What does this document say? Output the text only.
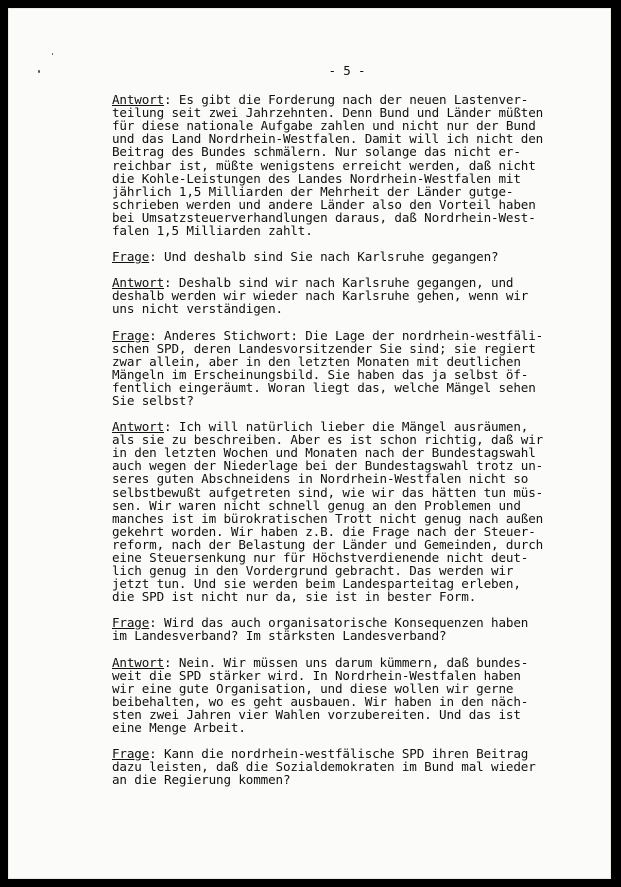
- 5 -
Antwort: Es gibt die Forderung nach der neuen Lastenver-
teilung seit zwei Jahrzehnten. Denn Bund und Länder müßten
für diese nationale Aufgabe zahlen und nicht nur der Bund
und das Land Nordrhein-Westfalen. Damit will ich nicht den
Beitrag des Bundes schmälern. Nur solange das nicht er-
reichbar ist, müßte wenigstens erreicht werden, daß nicht
die Kohle-Leistungen des Landes Nordrhein-Westfalen mit
jährlich 1,5 Milliarden der Mehrheit der Länder gutge-
schrieben werden und andere Länder also den Vorteil haben
bei Umsatzsteuerverhandlungen daraus, daß Nordrhein-West-
falen 1,5 Milliarden zahlt.
Frage: Und deshalb sind Sie nach Karlsruhe gegangen?
Antwort: Deshalb sind wir nach Karlsruhe gegangen, und
deshalb werden wir wieder nach Karlsruhe gehen, wenn wir
uns nicht verständigen.
Frage: Anderes Stichwort: Die Lage der nordrhein-westfäli-
schen SPD, deren Landesvorsitzender Sie sind; sie regiert
zwar allein, aber in den letzten Monaten mit deutlichen
Mängeln im Erscheinungsbild. Sie haben das ja selbst öf-
fentlich eingeräumt. Woran liegt das, welche Mängel sehen
Sie selbst?
Antwort: Ich will natürlich lieber die Mängel ausräumen,
als sie zu beschreiben. Aber es ist schon richtig, daß wir
in den letzten Wochen und Monaten nach der Bundestagswahl
auch wegen der Niederlage bei der Bundestagswahl trotz un-
seres guten Abschneidens in Nordrhein-Westfalen nicht so
selbstbewußt aufgetreten sind, wie wir das hätten tun müs-
sen. Wir waren nicht schnell genug an den Problemen und
manches ist im bürokratischen Trott nicht genug nach außen
gekehrt worden. Wir haben z.B. die Frage nach der Steuer-
reform, nach der Belastung der Länder und Gemeinden, durch
eine Steuersenkung nur für Höchstverdienende nicht deut-
lich genug in den Vordergrund gebracht. Das werden wir
jetzt tun. Und sie werden beim Landesparteitag erleben,
die SPD ist nicht nur da, sie ist in bester Form.
Frage: Wird das auch organisatorische Konsequenzen haben
im Landesverband? Im stärksten Landesverband?
Antwort: Nein. Wir müssen uns darum kümmern, daß bundes-
weit die SPD stärker wird. In Nordrhein-Westfalen haben
wir eine gute Organisation, und diese wollen wir gerne
beibehalten, wo es geht ausbauen. Wir haben in den näch-
sten zwei Jahren vier Wahlen vorzubereiten. Und das ist
eine Menge Arbeit.
Frage: Kann die nordrhein-westfälische SPD ihren Beitrag
dazu leisten, daß die Sozialdemokraten im Bund mal wieder
an die Regierung kommen?
